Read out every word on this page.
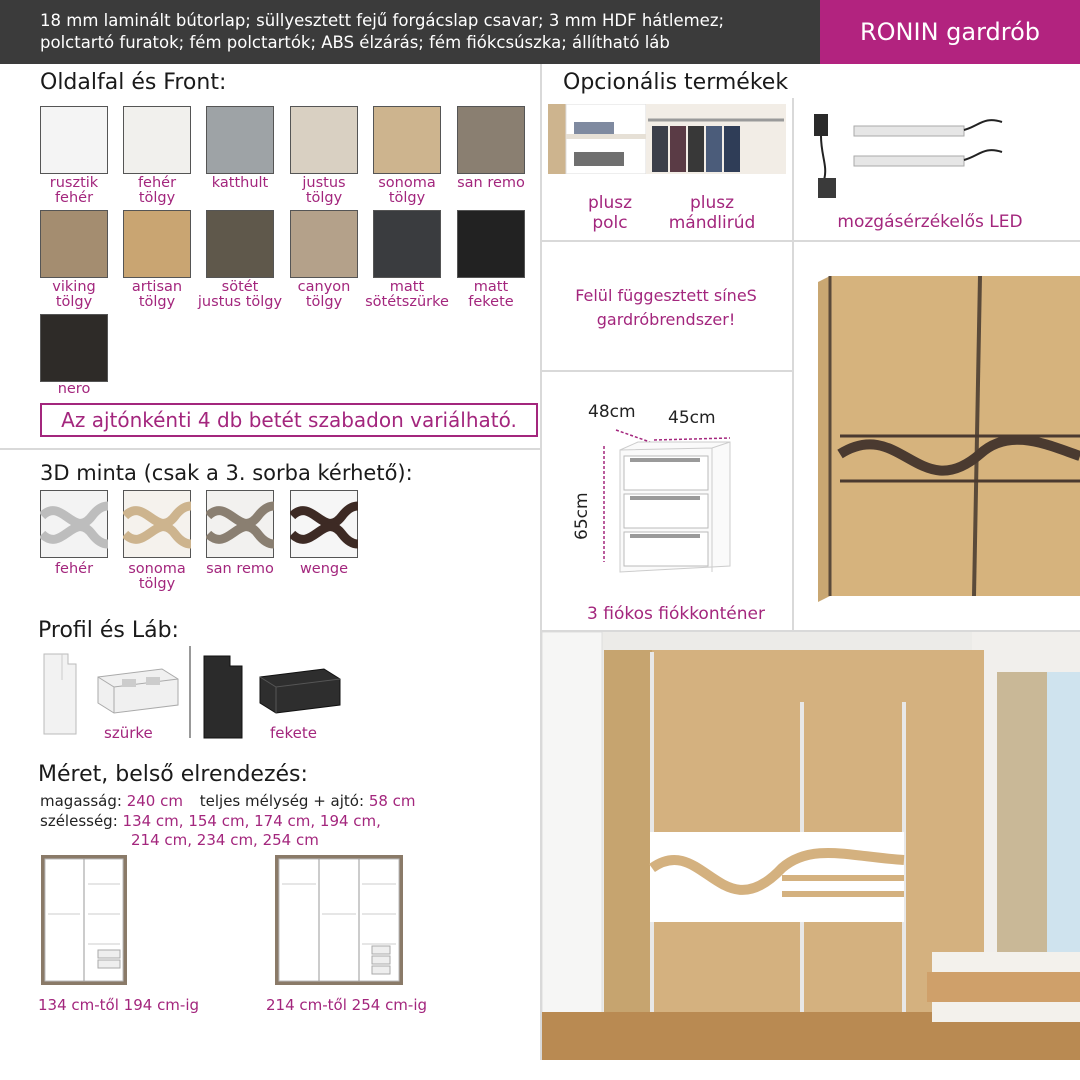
18 mm laminált bútorlap; süllyesztett fejű forgácslap csavar; 3 mm HDF hátlemez;
polctartó furatok; fém polctartók; ABS élzárás; fém fiókcsúszka; állítható láb	RONIN gardrób
Oldalfal és Front:
rusztik
fehér
fehér
tölgy
katthult	justus
tölgy
sonoma
tölgy
san remo
viking
tölgy
artisan
tölgy
sötét
justus tölgy
canyon
tölgy
matt
sötétszürke
matt
fekete
nero
Az ajtónkénti 4 db betét szabadon variálható.
3D minta (csak a 3. sorba kérhető):
fehér	sonoma
tölgy
san remo	wenge
Profil és Láb:
szürke	fekete
Méret, belső elrendezés:
magasság: 240 cm teljes mélység + ajtó: 58 cm
szélesség: 134 cm, 154 cm, 174 cm, 194 cm,
214 cm, 234 cm, 254 cm
134 cm-től 194 cm-ig	214 cm-től 254 cm-ig
Opcionális termékek
plusz
polc
plusz
mándlirúd	mozgásérzékelős LED
Felül függesztett síneS
gardróbrendszer!
48cm 45cm
65cm
3 fiókos fiókkonténer
